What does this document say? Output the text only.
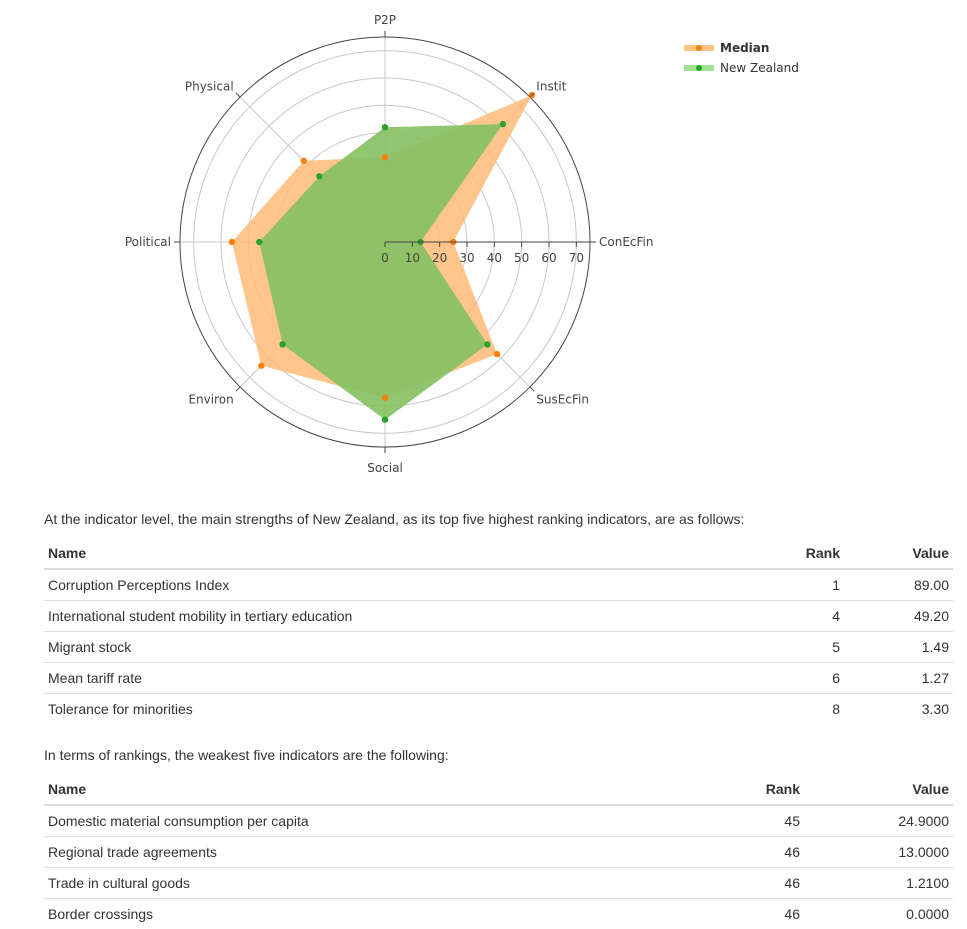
0 10 20 30 40 50 60 70
P2P
Instit
ConEcFin
SusEcFin
Social
Environ
Political
Physical
Median
New Zealand

At the indicator level, the main strengths of New Zealand, as its top five highest ranking indicators, are as follows:

Name	Rank	Value
Corruption Perceptions Index	1	89.00
International student mobility in tertiary education	4	49.20
Migrant stock	5	1.49
Mean tariff rate	6	1.27
Tolerance for minorities	8	3.30

In terms of rankings, the weakest five indicators are the following:

Name	Rank	Value
Domestic material consumption per capita	45	24.9000
Regional trade agreements	46	13.0000
Trade in cultural goods	46	1.2100
Border crossings	46	0.0000
